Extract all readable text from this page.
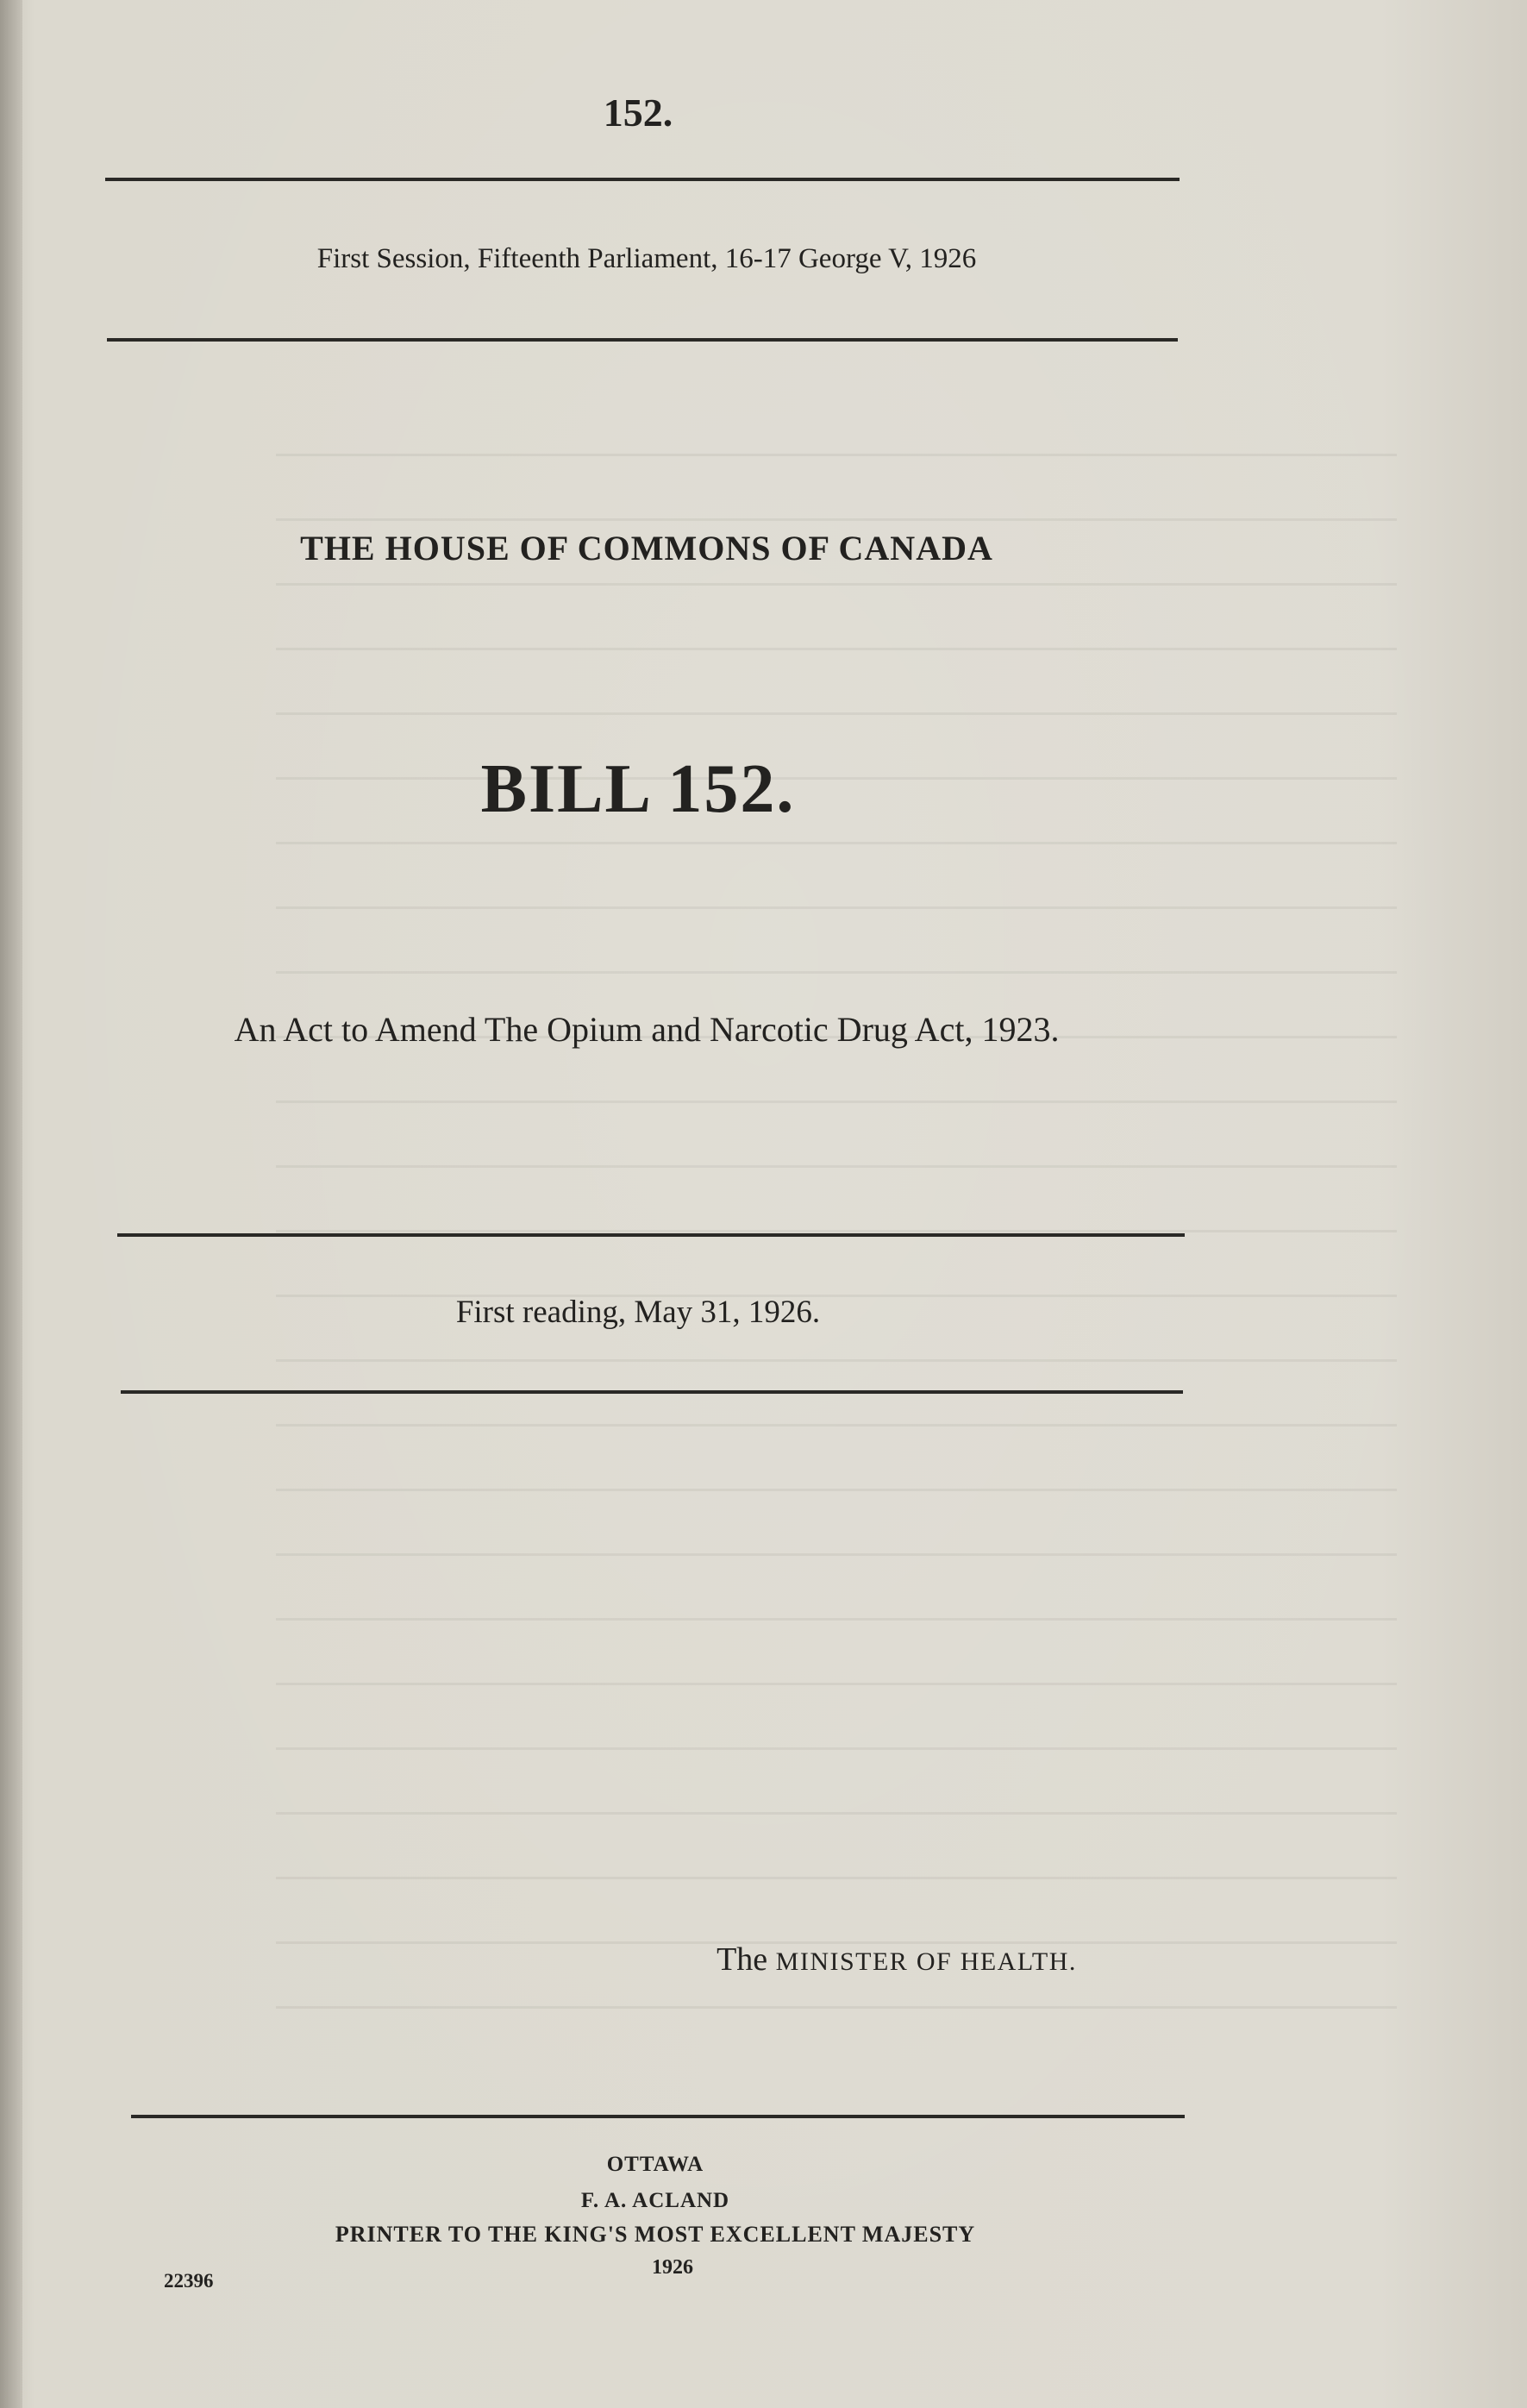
152.
First Session, Fifteenth Parliament, 16-17 George V, 1926
THE HOUSE OF COMMONS OF CANADA
BILL 152.
An Act to Amend The Opium and Narcotic Drug Act, 1923.
First reading, May 31, 1926.
The MINISTER OF HEALTH.
OTTAWA
F. A. ACLAND
PRINTER TO THE KING'S MOST EXCELLENT MAJESTY
1926
22396
